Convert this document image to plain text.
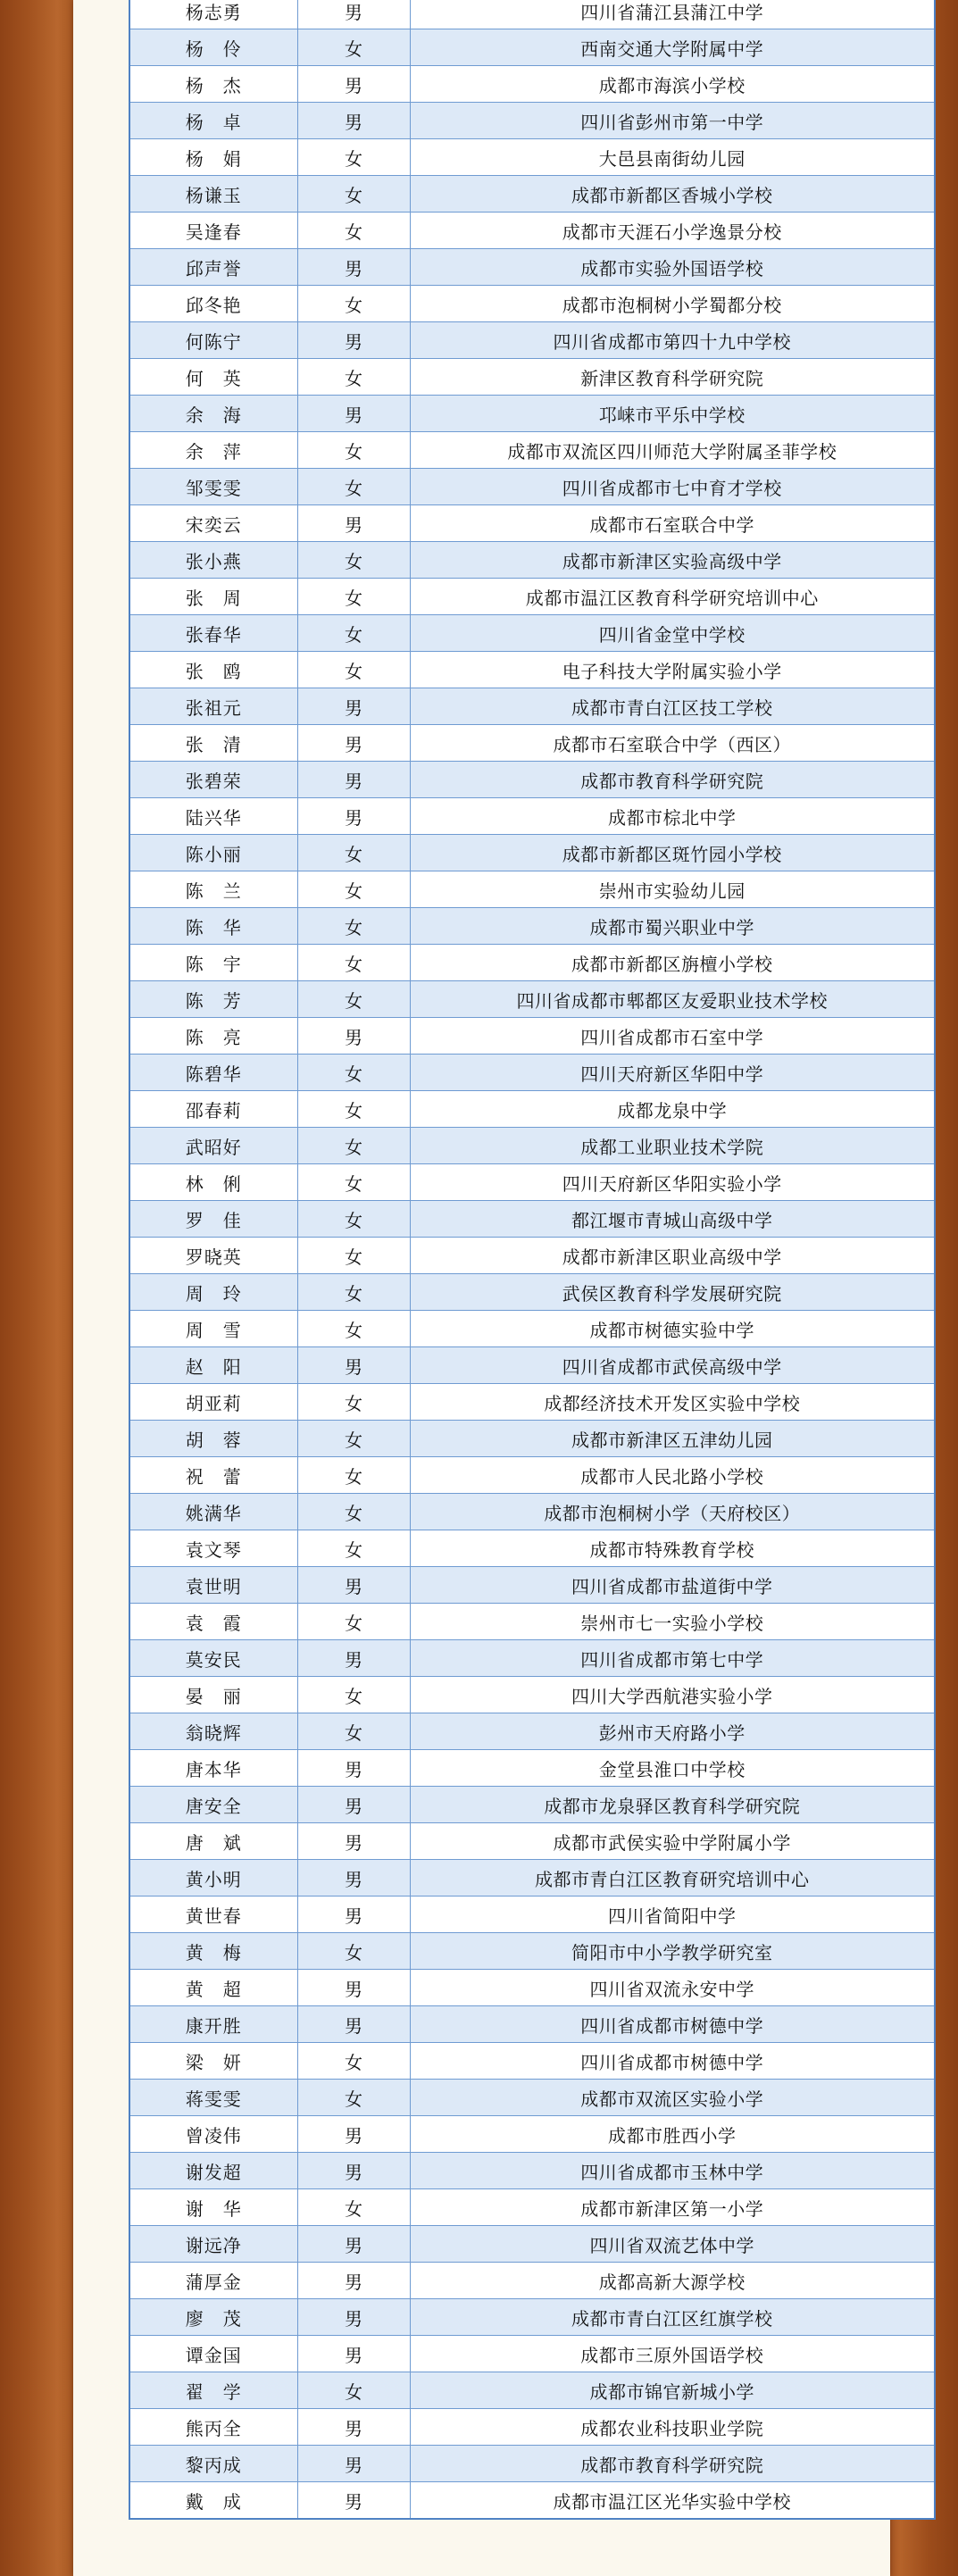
杨志勇	男	四川省蒲江县蒲江中学
杨　伶	女	西南交通大学附属中学
杨　杰	男	成都市海滨小学校
杨　卓	男	四川省彭州市第一中学
杨　娟	女	大邑县南街幼儿园
杨谦玉	女	成都市新都区香城小学校
吴逢春	女	成都市天涯石小学逸景分校
邱声誉	男	成都市实验外国语学校
邱冬艳	女	成都市泡桐树小学蜀都分校
何陈宁	男	四川省成都市第四十九中学校
何　英	女	新津区教育科学研究院
余　海	男	邛崃市平乐中学校
余　萍	女	成都市双流区四川师范大学附属圣菲学校
邹雯雯	女	四川省成都市七中育才学校
宋奕云	男	成都市石室联合中学
张小燕	女	成都市新津区实验高级中学
张　周	女	成都市温江区教育科学研究培训中心
张春华	女	四川省金堂中学校
张　鸥	女	电子科技大学附属实验小学
张祖元	男	成都市青白江区技工学校
张　清	男	成都市石室联合中学（西区）
张碧荣	男	成都市教育科学研究院
陆兴华	男	成都市棕北中学
陈小丽	女	成都市新都区斑竹园小学校
陈　兰	女	崇州市实验幼儿园
陈　华	女	成都市蜀兴职业中学
陈　宇	女	成都市新都区旃檀小学校
陈　芳	女	四川省成都市郫都区友爱职业技术学校
陈　亮	男	四川省成都市石室中学
陈碧华	女	四川天府新区华阳中学
邵春莉	女	成都龙泉中学
武昭好	女	成都工业职业技术学院
林　俐	女	四川天府新区华阳实验小学
罗　佳	女	都江堰市青城山高级中学
罗晓英	女	成都市新津区职业高级中学
周　玲	女	武侯区教育科学发展研究院
周　雪	女	成都市树德实验中学
赵　阳	男	四川省成都市武侯高级中学
胡亚莉	女	成都经济技术开发区实验中学校
胡　蓉	女	成都市新津区五津幼儿园
祝　蕾	女	成都市人民北路小学校
姚满华	女	成都市泡桐树小学（天府校区）
袁文琴	女	成都市特殊教育学校
袁世明	男	四川省成都市盐道街中学
袁　霞	女	崇州市七一实验小学校
莫安民	男	四川省成都市第七中学
晏　丽	女	四川大学西航港实验小学
翁晓辉	女	彭州市天府路小学
唐本华	男	金堂县淮口中学校
唐安全	男	成都市龙泉驿区教育科学研究院
唐　斌	男	成都市武侯实验中学附属小学
黄小明	男	成都市青白江区教育研究培训中心
黄世春	男	四川省简阳中学
黄　梅	女	简阳市中小学教学研究室
黄　超	男	四川省双流永安中学
康开胜	男	四川省成都市树德中学
梁　妍	女	四川省成都市树德中学
蒋雯雯	女	成都市双流区实验小学
曾凌伟	男	成都市胜西小学
谢发超	男	四川省成都市玉林中学
谢　华	女	成都市新津区第一小学
谢远净	男	四川省双流艺体中学
蒲厚金	男	成都高新大源学校
廖　茂	男	成都市青白江区红旗学校
谭金国	男	成都市三原外国语学校
翟　学	女	成都市锦官新城小学
熊丙全	男	成都农业科技职业学院
黎丙成	男	成都市教育科学研究院
戴　成	男	成都市温江区光华实验中学校
